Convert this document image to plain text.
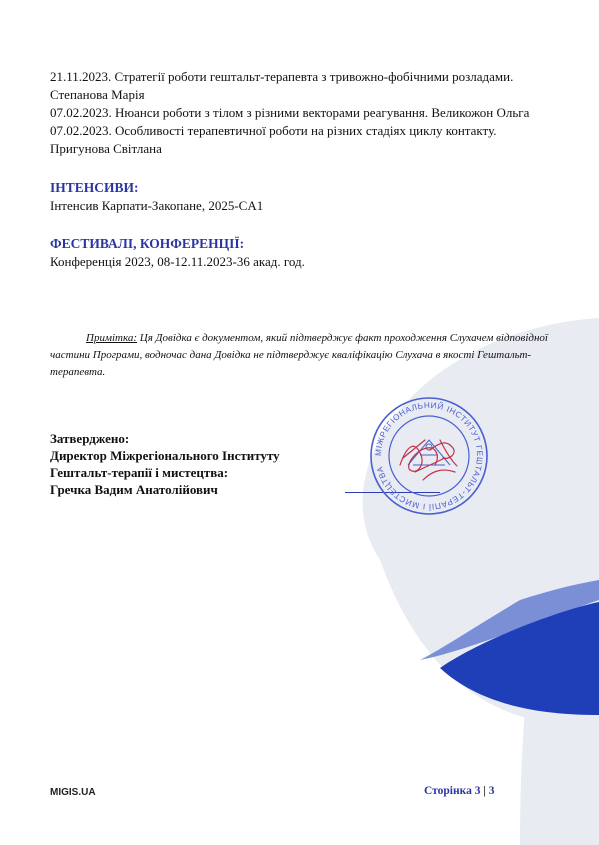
21.11.2023. Стратегії роботи гештальт-терапевта з тривожно-фобічними розладами. Степанова Марія

07.02.2023. Нюанси роботи з тілом з різними векторами реагування. Великожон Ольга

07.02.2023. Особливості терапевтичної роботи на різних стадіях циклу контакту. Пригунова Світлана

ІНТЕНСИВИ:

Інтенсив Карпати-Закопане, 2025-CA1

ФЕСТИВАЛІ, КОНФЕРЕНЦІЇ:

Конференція 2023, 08-12.11.2023-36 акад. год.

Примітка: Ця Довідка є документом, який підтверджує факт проходження Слухачем відповідної частини Програми, водночас дана Довідка не підтверджує кваліфікацію Слухача в якості Гештальт-терапевта.
Затверджено:
Директор Міжрегіонального Інституту
Гештальт-терапії і мистецтва:
Гречка Вадим Анатолійович
МІЖРЕГІОНАЛЬНИЙ ІНСТИТУТ ГЕШТАЛЬТ-ТЕРАПІЇ І МИСТЕЦТВА
MIGIS.UA	Сторінка 3 | 3
